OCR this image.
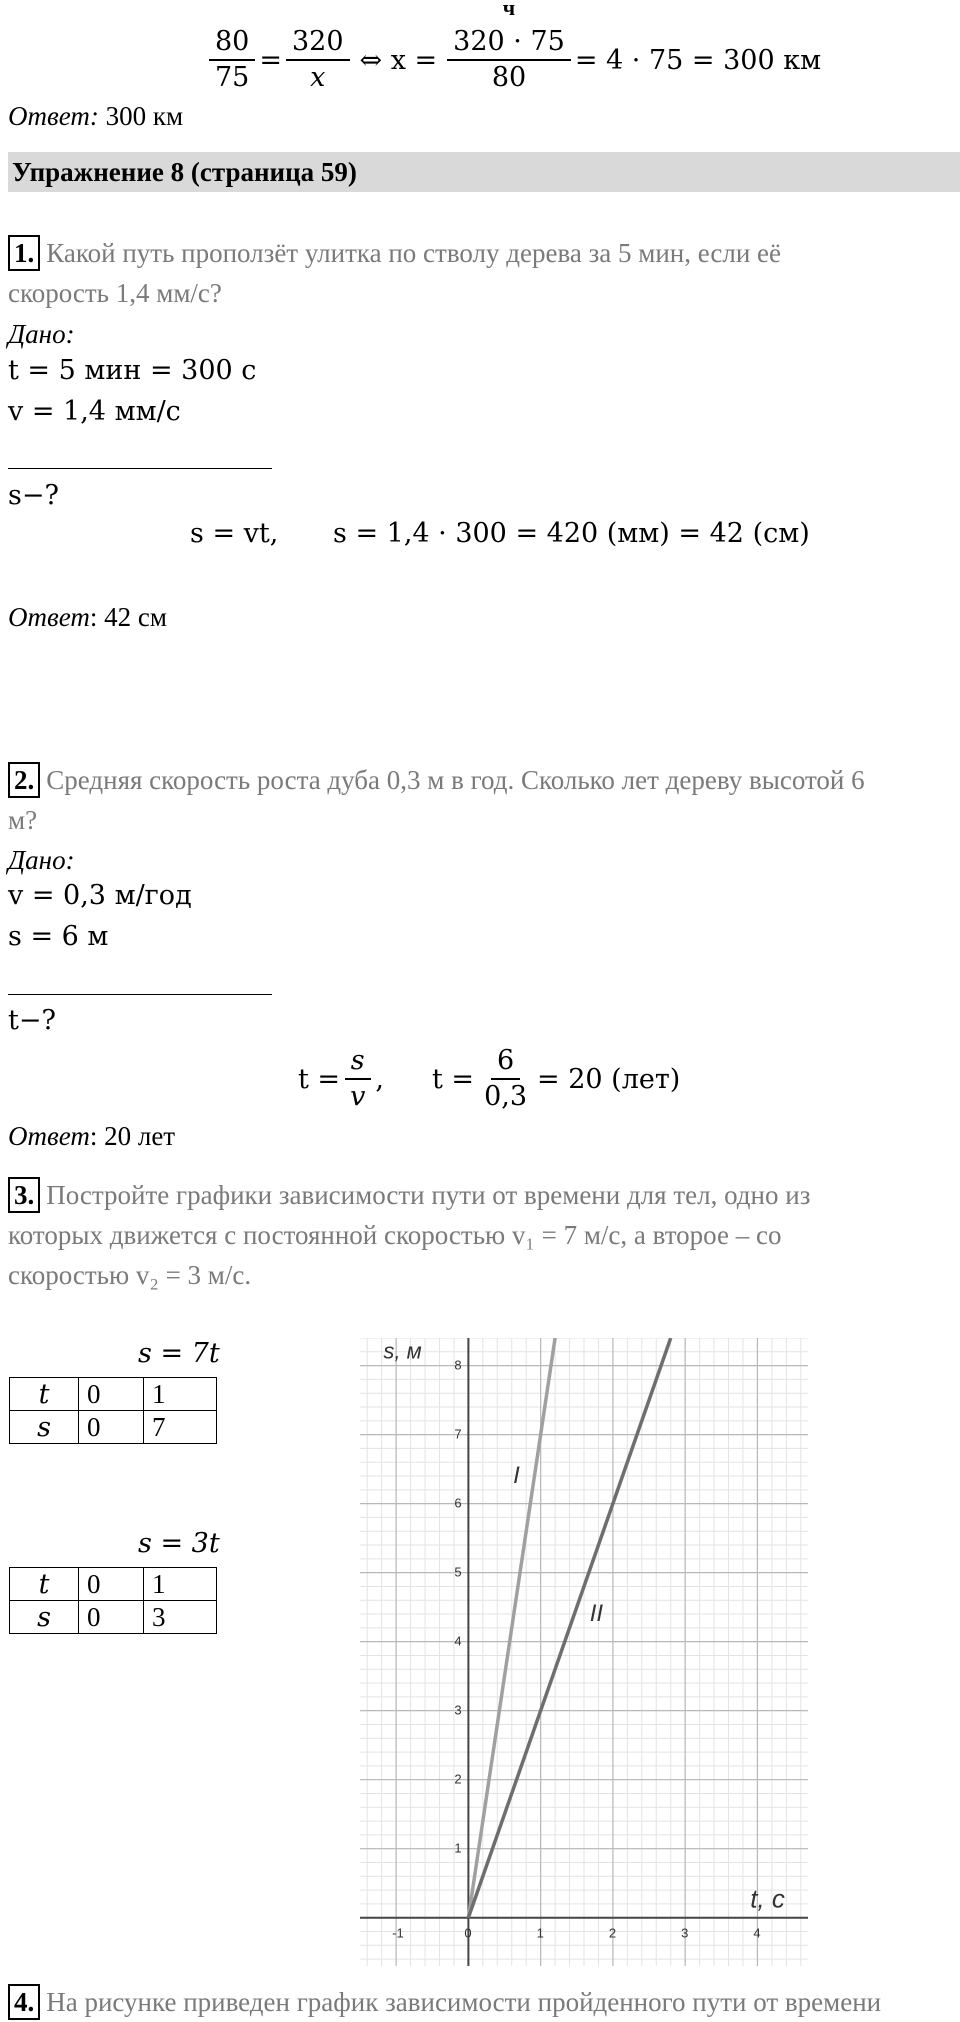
$\frac{80}{75} = \frac{320}{x}$ ⇔ x =
ч
320 · 75
80
= 4 · 75 = 300 км
Ответ: 300 км
Упражнение 8 (страница 59)
1. Какой путь проползёт улитка по стволу дерева за 5 мин, если её
скорость 1,4 мм/с?
Дано:
t = 5 мин = 300 с
v = 1,4 мм/с
s−?
s = vt, s = 1,4 · 300 = 420 (мм) = 42 (см)
Ответ: 42 см
2. Средняя скорость роста дуба 0,3 м в год. Сколько лет дереву высотой 6
м?
Дано:
v = 0,3 м/год
s = 6 м
t−?
$t = \frac{s}{v}$ , $t = \frac{6}{0,3} = 20$ (лет)
Ответ: 20 лет
3. Постройте графики зависимости пути от времени для тел, одно из
которых движется с постоянной скоростью v₁ = 7 м/с, а второе – со
скоростью v₂ = 3 м/с.
s = 7t
t	0	1
s	0	7
s = 3t
t	0	1
s	0	3
-1	0	1	2	3	4
1
2
3
4
5
6
7
8
I
II
t, c
s, м
4. На рисунке приведен график зависимости пройденного пути от времени
